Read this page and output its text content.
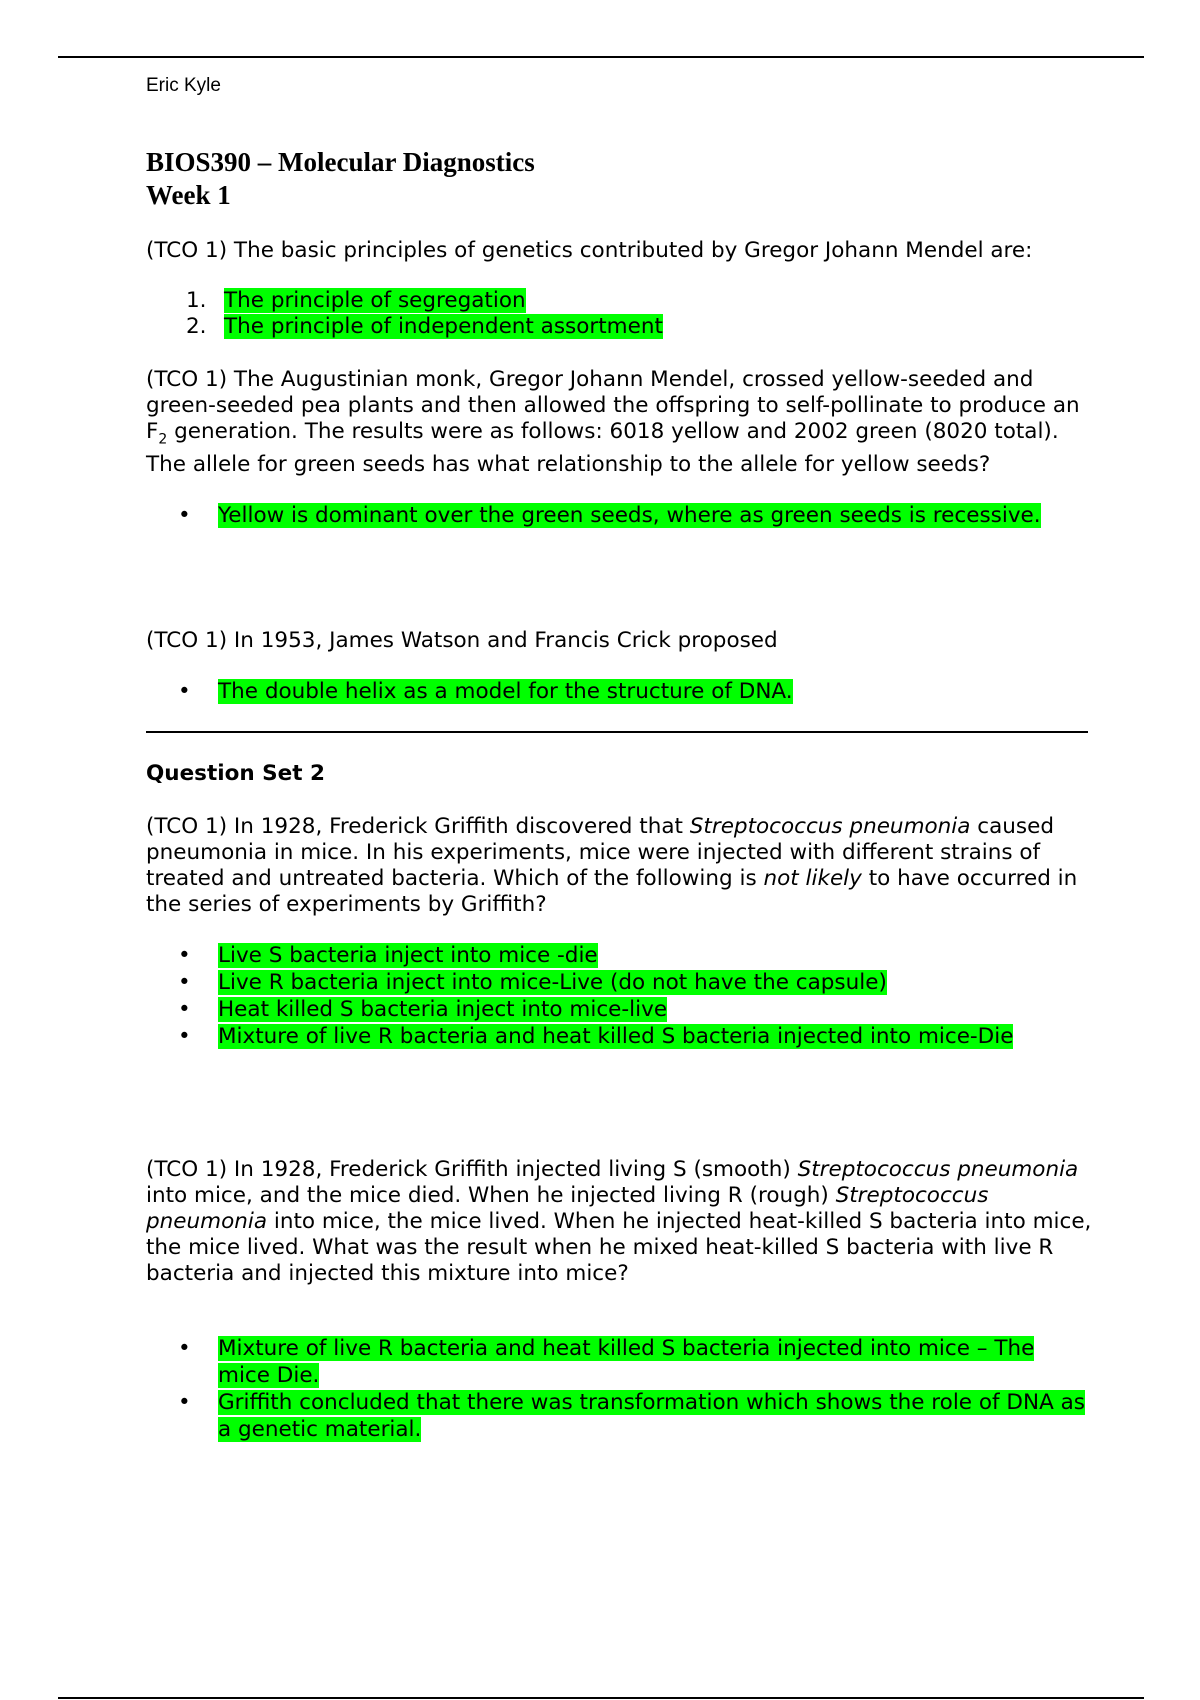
Eric Kyle
BIOS390 – Molecular Diagnostics
Week 1

(TCO 1) The basic principles of genetics contributed by Gregor Johann Mendel are:

1. The principle of segregation
2. The principle of independent assortment

(TCO 1) The Augustinian monk, Gregor Johann Mendel, crossed yellow-seeded and green-seeded pea plants and then allowed the offspring to self-pollinate to produce an $F_2$ generation. The results were as follows: 6018 yellow and 2002 green (8020 total). The allele for green seeds has what relationship to the allele for yellow seeds?

• Yellow is dominant over the green seeds, where as green seeds is recessive.

(TCO 1) In 1953, James Watson and Francis Crick proposed

• The double helix as a model for the structure of DNA.
Question Set 2

(TCO 1) In 1928, Frederick Griffith discovered that Streptococcus pneumonia caused pneumonia in mice. In his experiments, mice were injected with different strains of treated and untreated bacteria. Which of the following is not likely to have occurred in the series of experiments by Griffith?

• Live S bacteria inject into mice -die
• Live R bacteria inject into mice-Live (do not have the capsule)
• Heat killed S bacteria inject into mice-live
• Mixture of live R bacteria and heat killed S bacteria injected into mice-Die

(TCO 1) In 1928, Frederick Griffith injected living S (smooth) Streptococcus pneumonia into mice, and the mice died. When he injected living R (rough) Streptococcus pneumonia into mice, the mice lived. When he injected heat-killed S bacteria into mice, the mice lived. What was the result when he mixed heat-killed S bacteria with live R bacteria and injected this mixture into mice?

• Mixture of live R bacteria and heat killed S bacteria injected into mice – The mice Die.
• Griffith concluded that there was transformation which shows the role of DNA as a genetic material.
